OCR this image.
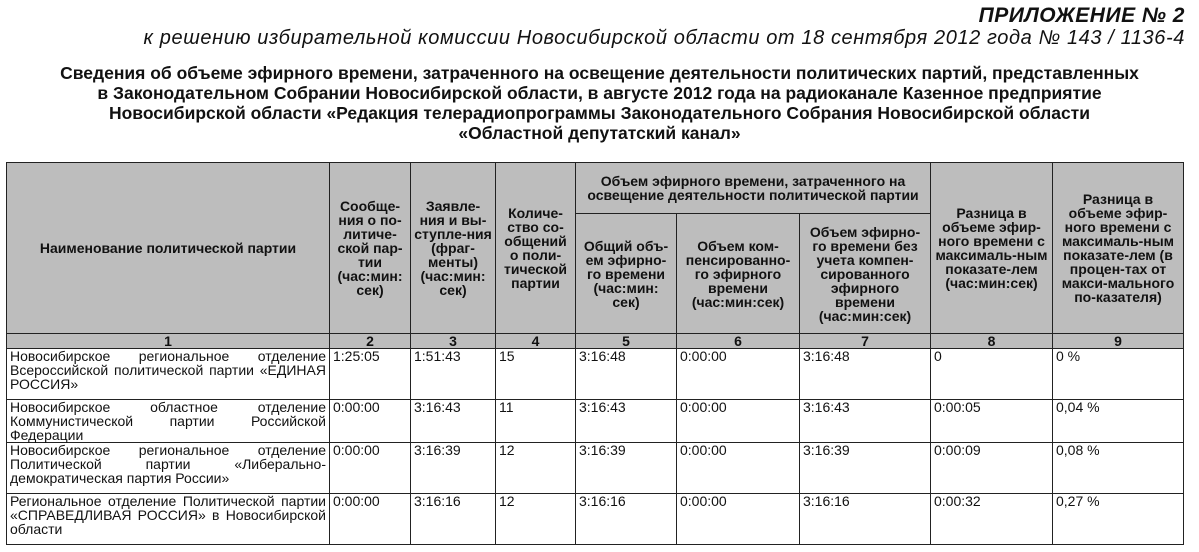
ПРИЛОЖЕНИЕ № 2
к решению избирательной комиссии Новосибирской области от 18 сентября 2012 года № 143 / 1136-4
Сведения об объеме эфирного времени, затраченного на освещение деятельности политических партий, представленных
в Законодательном Собрании Новосибирской области, в августе 2012 года на радиоканале Казенное предприятие
Новосибирской области «Редакция телерадиопрограммы Законодательного Собрания Новосибирской области
«Областной депутатский канал»
Наименование политической партии	Сообще-ния о по-литиче-ской пар-тии (час:мин: сек)	Заявле-ния и вы-ступле-ния (фраг-менты) (час:мин: сек)	Количе-ство со-общений о поли-тической партии	Объем эфирного времени, затраченного на освещение деятельности политической партии			Разница в объеме эфир-ного времени с максималь-ным показате-лем (час:мин:сек)	Разница в объеме эфир-ного времени с максималь-ным показате-лем (в процен-тах от макси-мального по-казателя)
				Общий объ-ем эфирно-го времени (час:мин: сек)	Объем ком-пенсированно-го эфирного времени (час:мин:сек)	Объем эфирно-го времени без учета компен-сированного эфирного времени (час:мин:сек)		
1	2	3	4	5	6	7	8	9
Новосибирское региональное отделение Всероссийской политической партии «ЕДИНАЯ РОССИЯ»	1:25:05	1:51:43	15	3:16:48	0:00:00	3:16:48	0	0 %
Новосибирское областное отделение Коммунистической партии Российской Федерации	0:00:00	3:16:43	11	3:16:43	0:00:00	3:16:43	0:00:05	0,04 %
Новосибирское региональное отделение Политической партии «Либерально-демократическая партия России»	0:00:00	3:16:39	12	3:16:39	0:00:00	3:16:39	0:00:09	0,08 %
Региональное отделение Политической партии «СПРАВЕДЛИВАЯ РОССИЯ» в Новосибирской области	0:00:00	3:16:16	12	3:16:16	0:00:00	3:16:16	0:00:32	0,27 %
